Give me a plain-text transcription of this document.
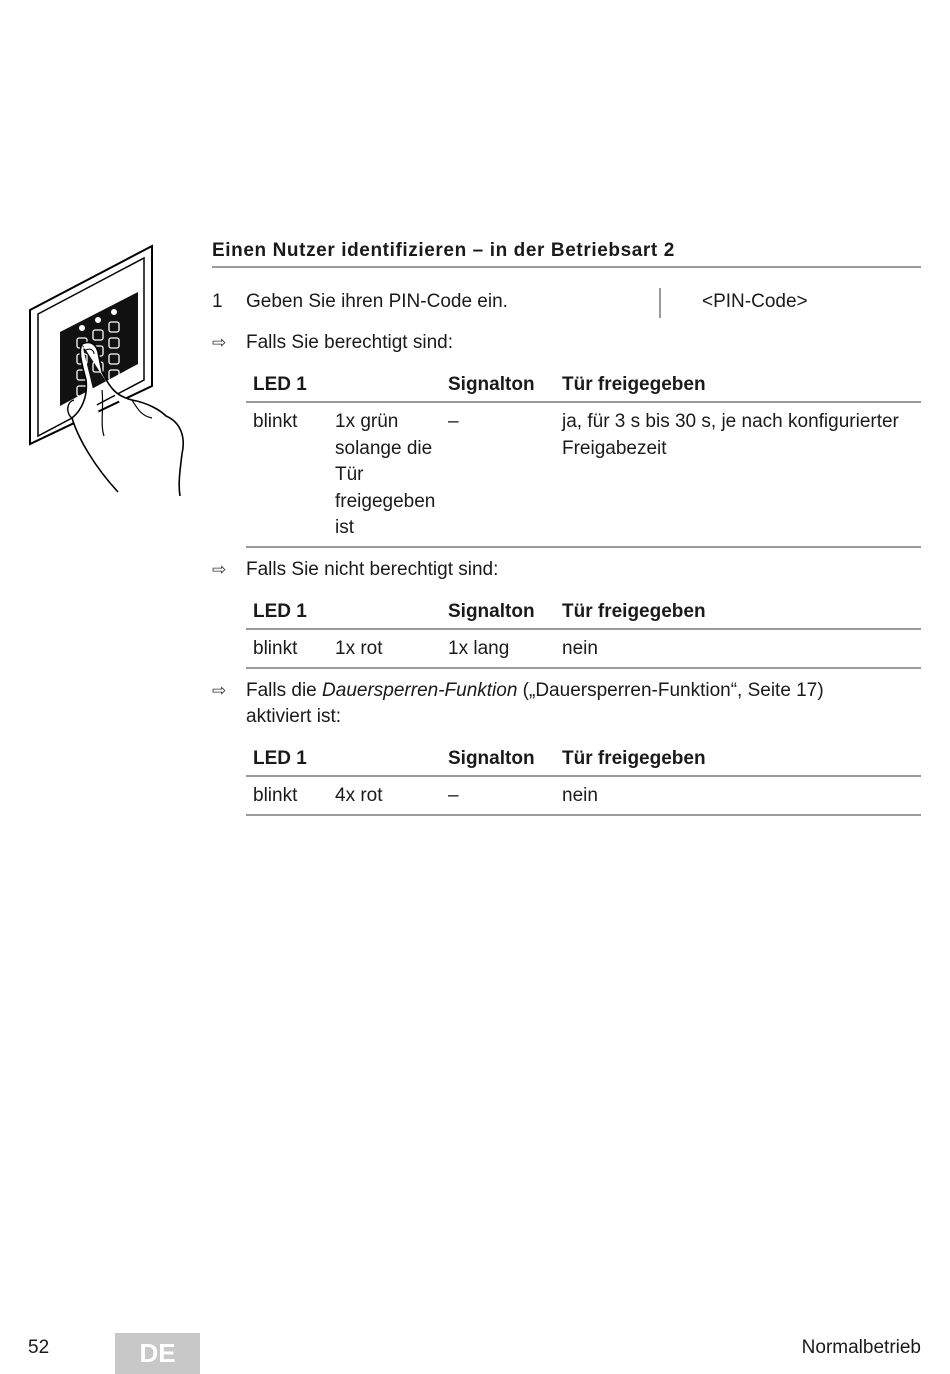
Einen Nutzer identifizieren – in der Betriebsart 2
1 Geben Sie ihren PIN-Code ein.	<PIN-Code>
⇨ Falls Sie berechtigt sind:
LED 1		Signalton	Tür freigegeben
blinkt	1x grün solange die Tür freigegeben ist	–	ja, für 3 s bis 30 s, je nach konfigurierter Freigabezeit
⇨ Falls Sie nicht berechtigt sind:
LED 1		Signalton	Tür freigegeben
blinkt	1x rot	1x lang	nein
⇨ Falls die Dauersperren-Funktion („Dauersperren-Funktion“, Seite 17) aktiviert ist:
LED 1		Signalton	Tür freigegeben
blinkt	4x rot	–	nein
52	DE	Normalbetrieb
